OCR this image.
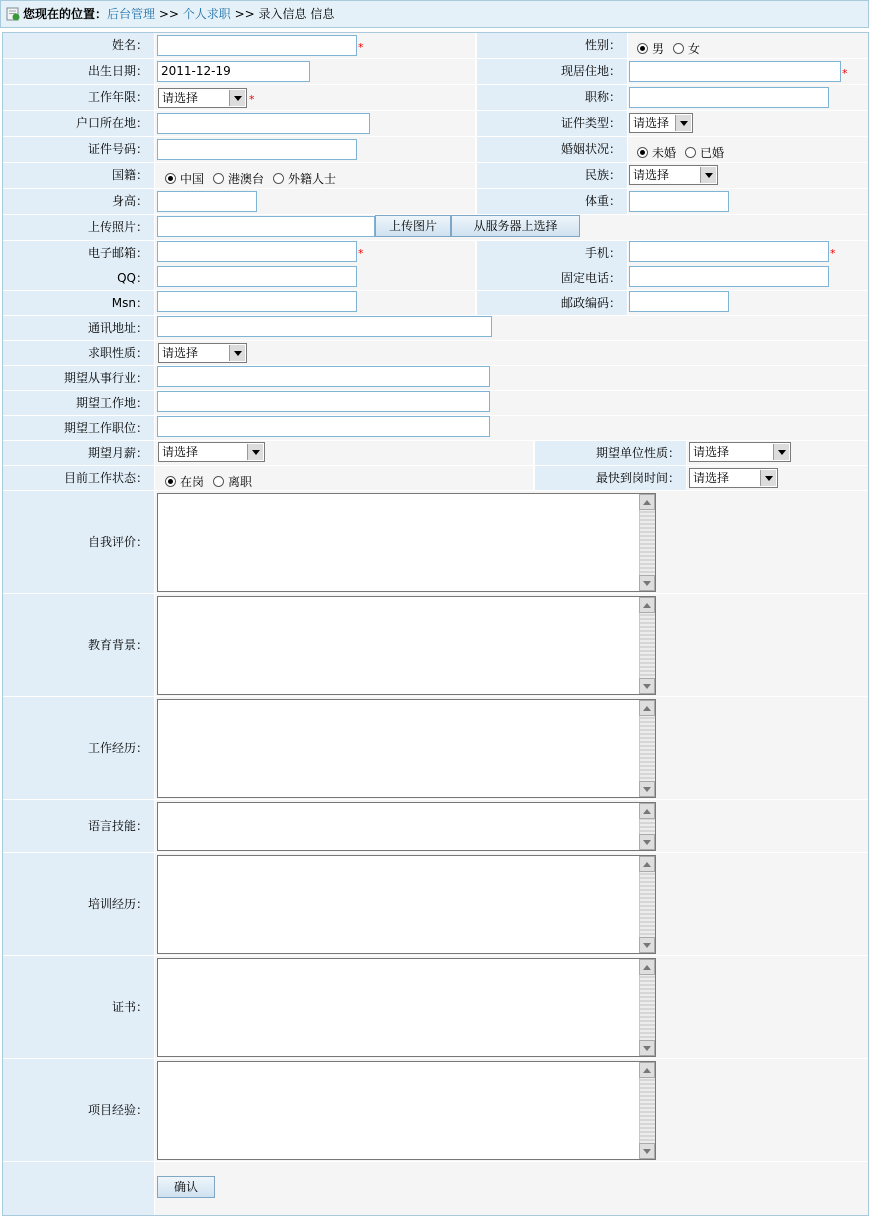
您现在的位置：后台管理 >> 个人求职 >> 录入信息 信息
姓名：	*	性别：	男 女
出生日期：	2011-12-19	现居住地：	*
工作年限：	请选择	*	职称：
户口所在地：	证件类型：	请选择
证件号码：	婚姻状况：	未婚 已婚
国籍：	中国 港澳台 外籍人士	民族：	请选择
身高：	体重：
上传照片：	上传图片	从服务器上选择
电子邮箱：	*	手机：	*
QQ：	固定电话：
Msn：	邮政编码：
通讯地址：
求职性质：	请选择
期望从事行业：
期望工作地：
期望工作职位：
期望月薪：	请选择	期望单位性质：	请选择
目前工作状态：	在岗 离职	最快到岗时间：	请选择
自我评价：
教育背景：
工作经历：
语言技能：
培训经历：
证书：
项目经验：
确认
